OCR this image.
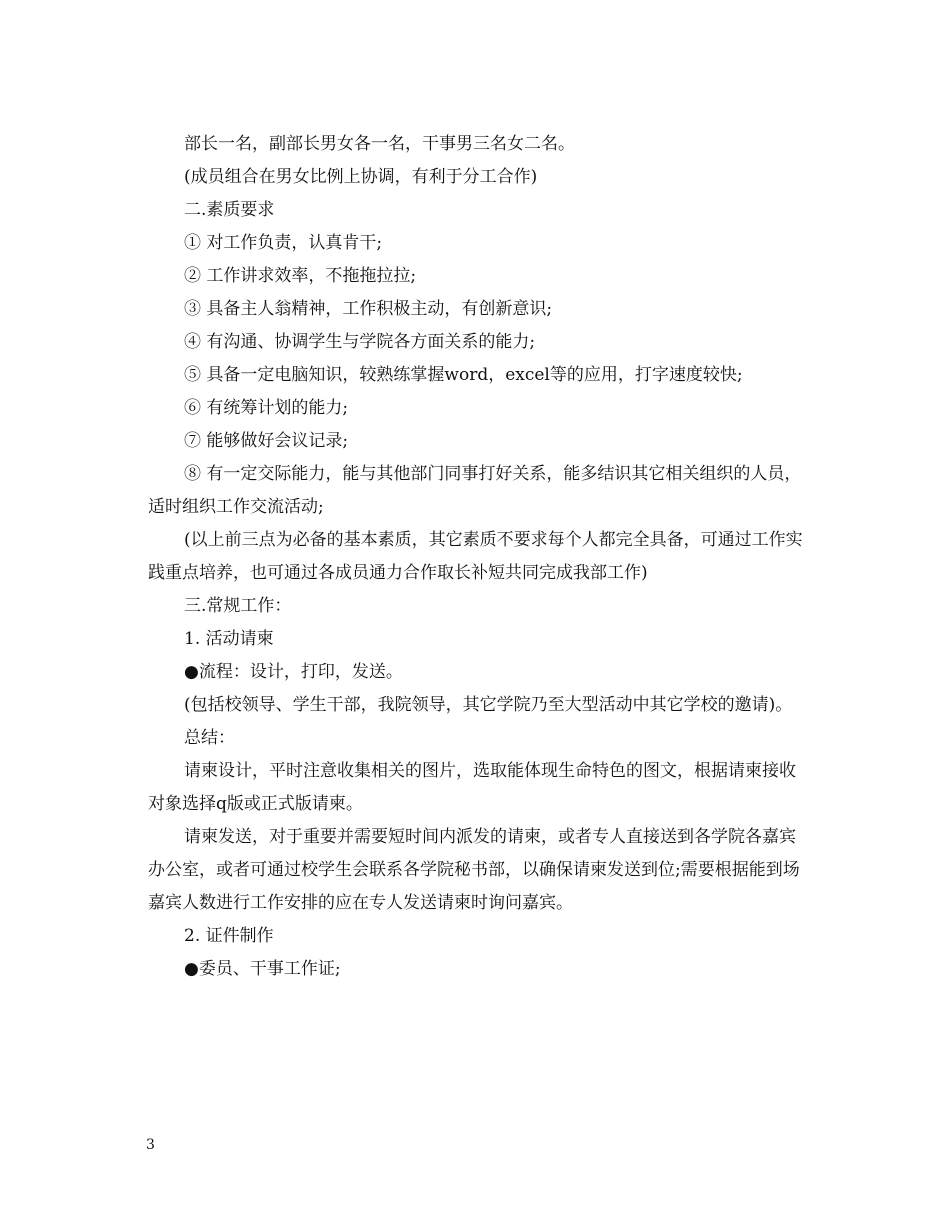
部长一名，副部长男女各一名，干事男三名女二名。

(成员组合在男女比例上协调，有利于分工合作)

二.素质要求

① 对工作负责，认真肯干;

② 工作讲求效率，不拖拖拉拉;

③ 具备主人翁精神，工作积极主动，有创新意识;

④ 有沟通、协调学生与学院各方面关系的能力;

⑤ 具备一定电脑知识，较熟练掌握word，excel等的应用，打字速度较快;

⑥ 有统筹计划的能力;

⑦ 能够做好会议记录;

⑧ 有一定交际能力，能与其他部门同事打好关系，能多结识其它相关组织的人员，适时组织工作交流活动;

(以上前三点为必备的基本素质，其它素质不要求每个人都完全具备，可通过工作实践重点培养，也可通过各成员通力合作取长补短共同完成我部工作)

三.常规工作：

1. 活动请柬

●流程：设计，打印，发送。

(包括校领导、学生干部，我院领导，其它学院乃至大型活动中其它学校的邀请)。

总结：

请柬设计，平时注意收集相关的图片，选取能体现生命特色的图文，根据请柬接收对象选择q版或正式版请柬。

请柬发送，对于重要并需要短时间内派发的请柬，或者专人直接送到各学院各嘉宾办公室，或者可通过校学生会联系各学院秘书部，以确保请柬发送到位;需要根据能到场嘉宾人数进行工作安排的应在专人发送请柬时询问嘉宾。

2. 证件制作

●委员、干事工作证;

3
